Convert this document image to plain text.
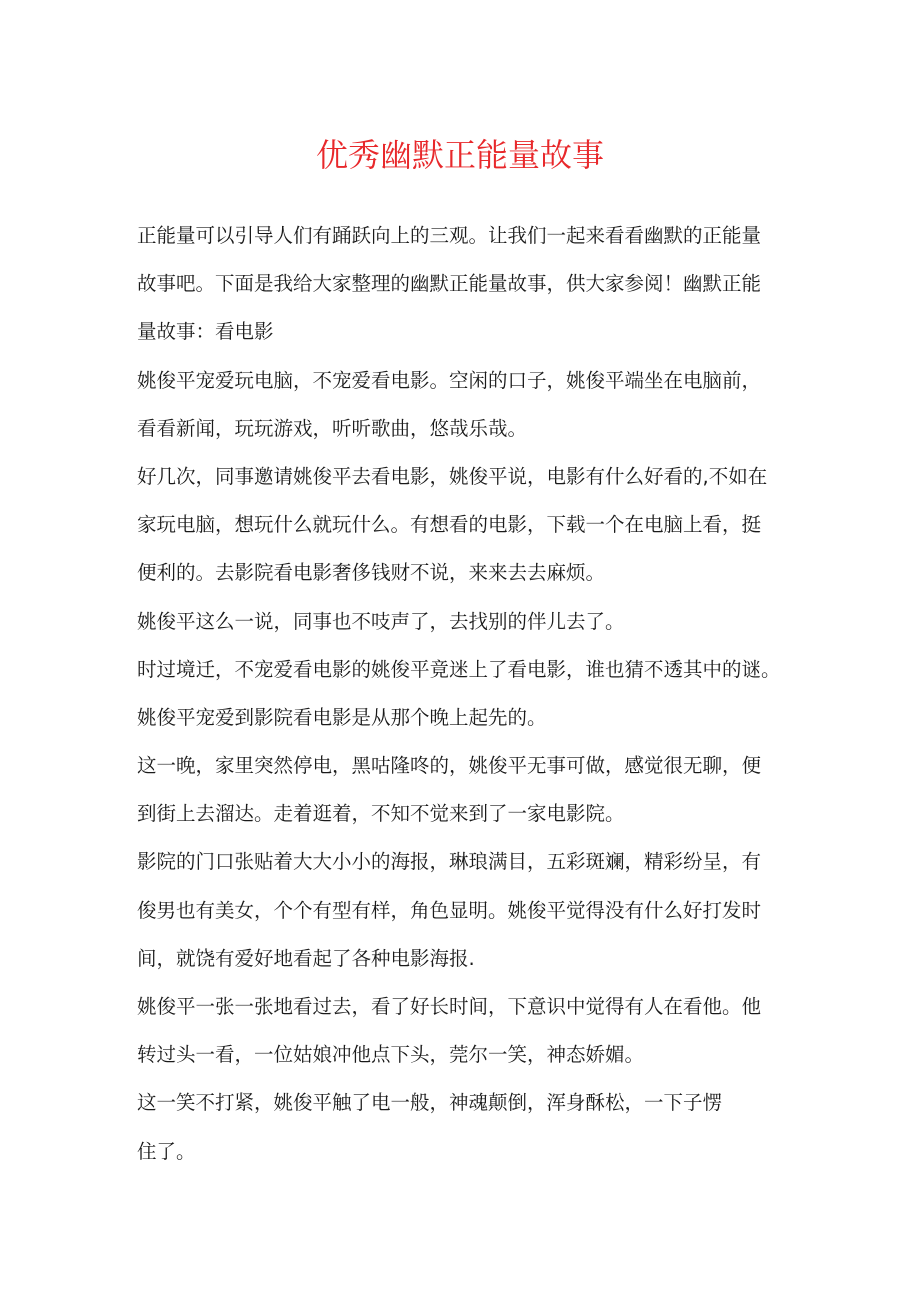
优秀幽默正能量故事
正能量可以引导人们有踊跃向上的三观。让我们一起来看看幽默的正能量
故事吧。下面是我给大家整理的幽默正能量故事，供大家参阅！幽默正能
量故事：看电影
姚俊平宠爱玩电脑，不宠爱看电影。空闲的口子，姚俊平端坐在电脑前，
看看新闻，玩玩游戏，听听歌曲，悠哉乐哉。
好几次，同事邀请姚俊平去看电影，姚俊平说，电影有什么好看的,不如在
家玩电脑，想玩什么就玩什么。有想看的电影，下载一个在电脑上看，挺
便利的。去影院看电影奢侈钱财不说，来来去去麻烦。
姚俊平这么一说，同事也不吱声了，去找别的伴儿去了。
时过境迁，不宠爱看电影的姚俊平竟迷上了看电影，谁也猜不透其中的谜。
姚俊平宠爱到影院看电影是从那个晚上起先的。
这一晚，家里突然停电，黑咕隆咚的，姚俊平无事可做，感觉很无聊，便
到街上去溜达。走着逛着，不知不觉来到了一家电影院。
影院的门口张贴着大大小小的海报，琳琅满目，五彩斑斓，精彩纷呈，有
俊男也有美女，个个有型有样，角色显明。姚俊平觉得没有什么好打发时
间，就饶有爱好地看起了各种电影海报.
姚俊平一张一张地看过去，看了好长时间，下意识中觉得有人在看他。他
转过头一看，一位姑娘冲他点下头，莞尔一笑，神态娇媚。
这一笑不打紧，姚俊平触了电一般，神魂颠倒，浑身酥松，一下子愣
住了。
